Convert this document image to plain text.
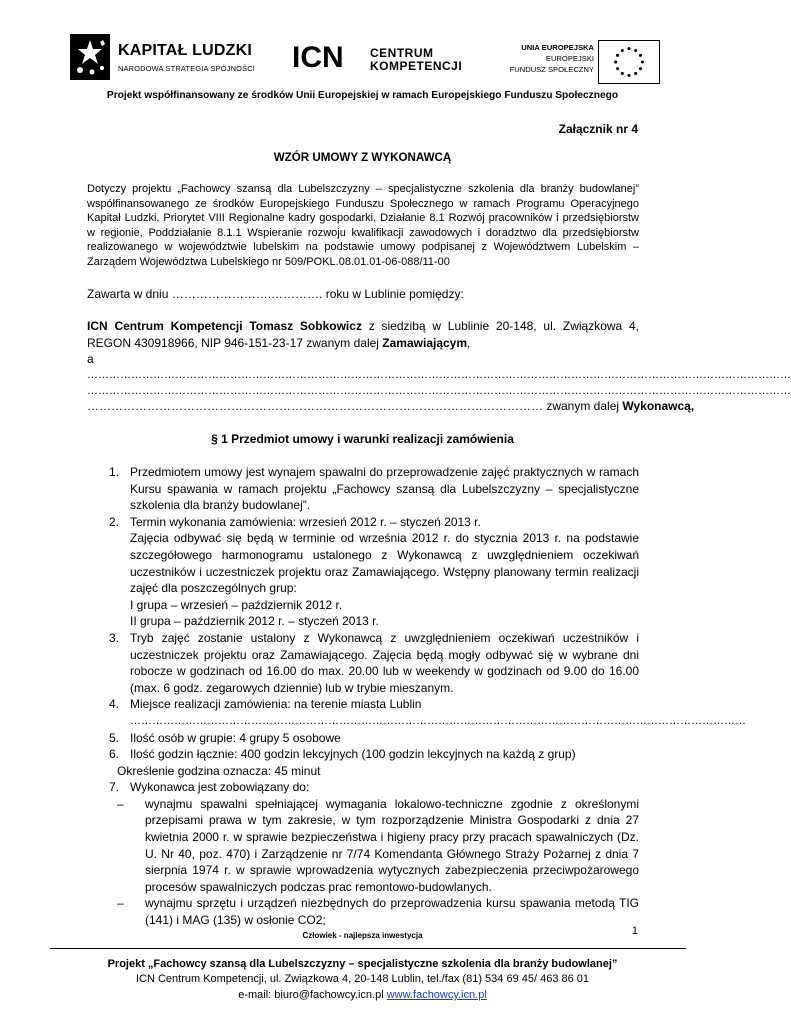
KAPITAŁ LUDZKI
NARODOWA STRATEGIA SPÓJNOŚCI ICN CENTRUM
KOMPETENCJI
UNIA EUROPEJSKA
EUROPEJSKI
FUNDUSZ SPOŁECZNY
Projekt współfinansowany ze środków Unii Europejskiej w ramach Europejskiego Funduszu Społecznego
Załącznik nr 4
WZÓR UMOWY Z WYKONAWCĄ
Dotyczy projektu „Fachowcy szansą dla Lubelszczyzny – specjalistyczne szkolenia dla branży budowlanej” współfinansowanego ze środków Europejskiego Funduszu Społecznego w ramach Programu Operacyjnego Kapitał Ludzki, Priorytet VIII Regionalne kadry gospodarki, Działanie 8.1 Rozwój pracowników i przedsiębiorstw w regionie, Poddziałanie 8.1.1 Wspieranie rozwoju kwalifikacji zawodowych i doradztwo dla przedsiębiorstw realizowanego w województwie lubelskim na podstawie umowy podpisanej z Województwem Lubelskim – Zarządem Województwa Lubelskiego nr 509/POKL.08.01.01-06-088/11-00
Zawarta w dniu …………………….…………. roku w Lublinie pomiędzy:
ICN Centrum Kompetencji Tomasz Sobkowicz z siedzibą w Lublinie 20-148, ul. Związkowa 4, REGON 430918966, NIP 946-151-23-17 zwanym dalej Zamawiającym,
a
…………………………………………………………………………………………………………………………………………………………………………
…………………………………………………………………………………………………………………………………………………………………………
…………………………………………………………………………………………………… zwanym dalej Wykonawcą,
§ 1 Przedmiot umowy i warunki realizacji zamówienia
1. Przedmiotem umowy jest wynajem spawalni do przeprowadzenie zajęć praktycznych w ramach Kursu spawania w ramach projektu „Fachowcy szansą dla Lubelszczyzny – specjalistyczne szkolenia dla branży budowlanej”.
2. Termin wykonania zamówienia: wrzesień 2012 r. – styczeń 2013 r.
Zajęcia odbywać się będą w terminie od września 2012 r. do stycznia 2013 r. na podstawie szczegółowego harmonogramu ustalonego z Wykonawcą z uwzględnieniem oczekiwań uczestników i uczestniczek projektu oraz Zamawiającego. Wstępny planowany termin realizacji zajęć dla poszczególnych grup:
I grupa – wrzesień – październik 2012 r.
II grupa – październik 2012 r. – styczeń 2013 r.
3. Tryb zajęć zostanie ustalony z Wykonawcą z uwzględnieniem oczekiwań uczestników i uczestniczek projektu oraz Zamawiającego. Zajęcia będą mogły odbywać się w wybrane dni robocze w godzinach od 16.00 do max. 20.00 lub w weekendy w godzinach od 9.00 do 16.00 (max. 6 godz. zegarowych dziennie) lub w trybie mieszanym.
4. Miejsce realizacji zamówienia: na terenie miasta Lublin
……………………………………………………………………………………………………………………………………………………
5. Ilość osób w grupie: 4 grupy 5 osobowe
6. Ilość godzin łącznie: 400 godzin lekcyjnych (100 godzin lekcyjnych na każdą z grup)
Określenie godzina oznacza: 45 minut
7. Wykonawca jest zobowiązany do:
– wynajmu spawalni spełniającej wymagania lokalowo-techniczne zgodnie z określonymi przepisami prawa w tym zakresie, w tym rozporządzenie Ministra Gospodarki z dnia 27 kwietnia 2000 r. w sprawie bezpieczeństwa i higieny pracy przy pracach spawalniczych (Dz. U. Nr 40, poz. 470) i Zarządzenie nr 7/74 Komendanta Głównego Straży Pożarnej z dnia 7 sierpnia 1974 r. w sprawie wprowadzenia wytycznych zabezpieczenia przeciwpożarowego procesów spawalniczych podczas prac remontowo-budowlanych.
– wynajmu sprzętu i urządzeń niezbędnych do przeprowadzenia kursu spawania metodą TIG (141) i MAG (135) w osłonie CO2;
1
Człowiek - najlepsza inwestycja
Projekt „Fachowcy szansą dla Lubelszczyzny – specjalistyczne szkolenia dla branży budowlanej”
ICN Centrum Kompetencji, ul. Związkowa 4, 20-148 Lublin, tel./fax (81) 534 69 45/ 463 86 01
e-mail: biuro@fachowcy.icn.pl www.fachowcy.icn.pl
